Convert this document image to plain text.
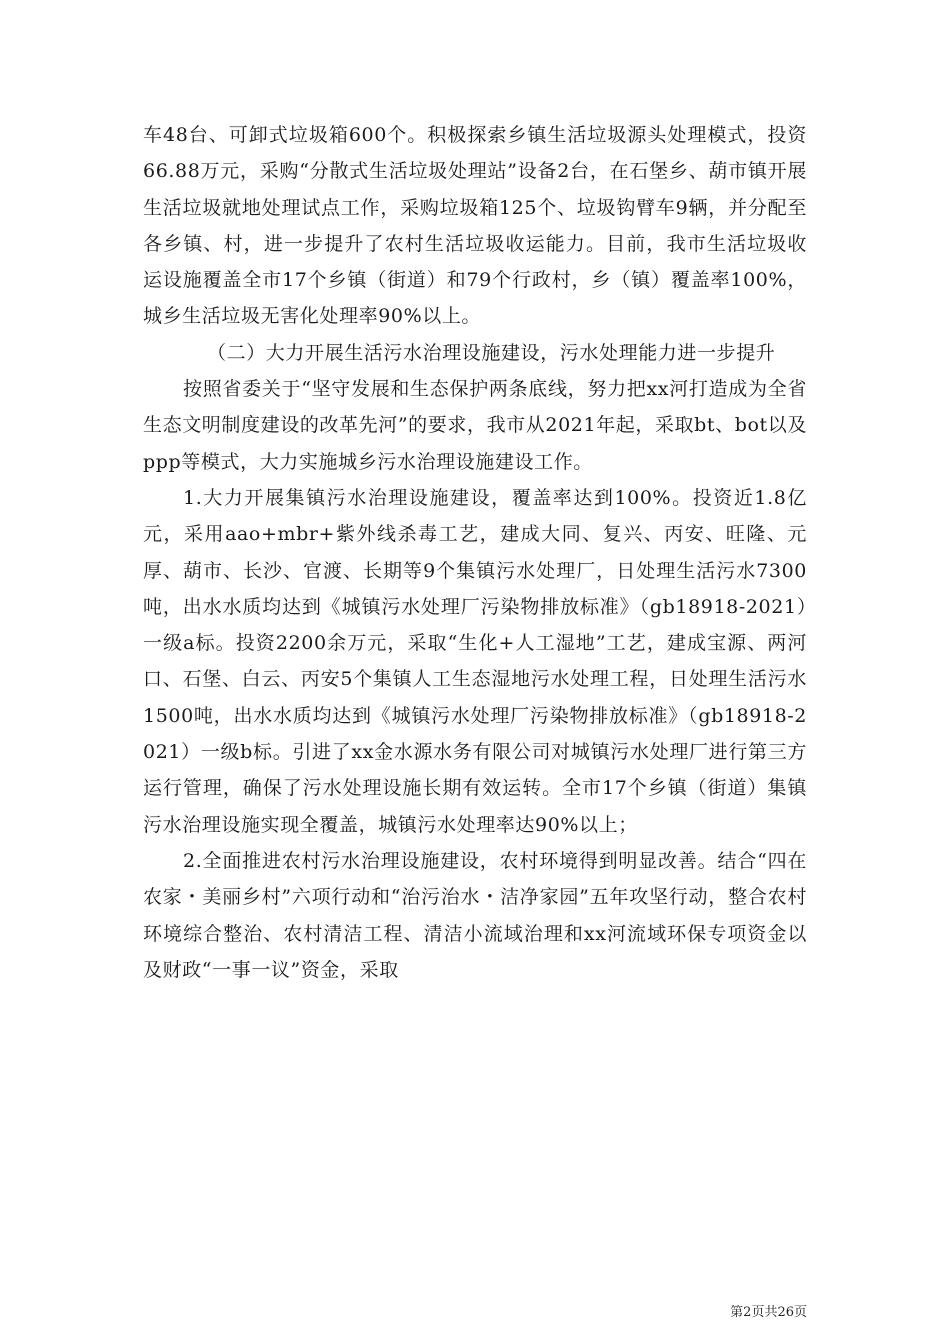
车48台、可卸式垃圾箱600个。积极探索乡镇生活垃圾源头处理模式，投资66.88万元，采购“分散式生活垃圾处理站”设备2台，在石堡乡、葫市镇开展生活垃圾就地处理试点工作，采购垃圾箱125个、垃圾钩臂车9辆，并分配至各乡镇、村，进一步提升了农村生活垃圾收运能力。目前，我市生活垃圾收运设施覆盖全市17个乡镇（街道）和79个行政村，乡（镇）覆盖率100%，城乡生活垃圾无害化处理率90%以上。

（二）大力开展生活污水治理设施建设，污水处理能力进一步提升

按照省委关于“坚守发展和生态保护两条底线，努力把xx河打造成为全省生态文明制度建设的改革先河”的要求，我市从2021年起，采取bt、bot以及ppp等模式，大力实施城乡污水治理设施建设工作。

1.大力开展集镇污水治理设施建设，覆盖率达到100%。投资近1.8亿元，采用aao+mbr+紫外线杀毒工艺，建成大同、复兴、丙安、旺隆、元厚、葫市、长沙、官渡、长期等9个集镇污水处理厂，日处理生活污水7300吨，出水水质均达到《城镇污水处理厂污染物排放标准》（gb18918-2021）一级a标。投资2200余万元，采取“生化+人工湿地”工艺，建成宝源、两河口、石堡、白云、丙安5个集镇人工生态湿地污水处理工程，日处理生活污水1500吨，出水水质均达到《城镇污水处理厂污染物排放标准》（gb18918-2021）一级b标。引进了xx金水源水务有限公司对城镇污水处理厂进行第三方运行管理，确保了污水处理设施长期有效运转。全市17个乡镇（街道）集镇污水治理设施实现全覆盖，城镇污水处理率达90%以上；

2.全面推进农村污水治理设施建设，农村环境得到明显改善。结合“四在农家・美丽乡村”六项行动和“治污治水・洁净家园”五年攻坚行动，整合农村环境综合整治、农村清洁工程、清洁小流域治理和xx河流域环保专项资金以及财政“一事一议”资金，采取

第2页共26页
